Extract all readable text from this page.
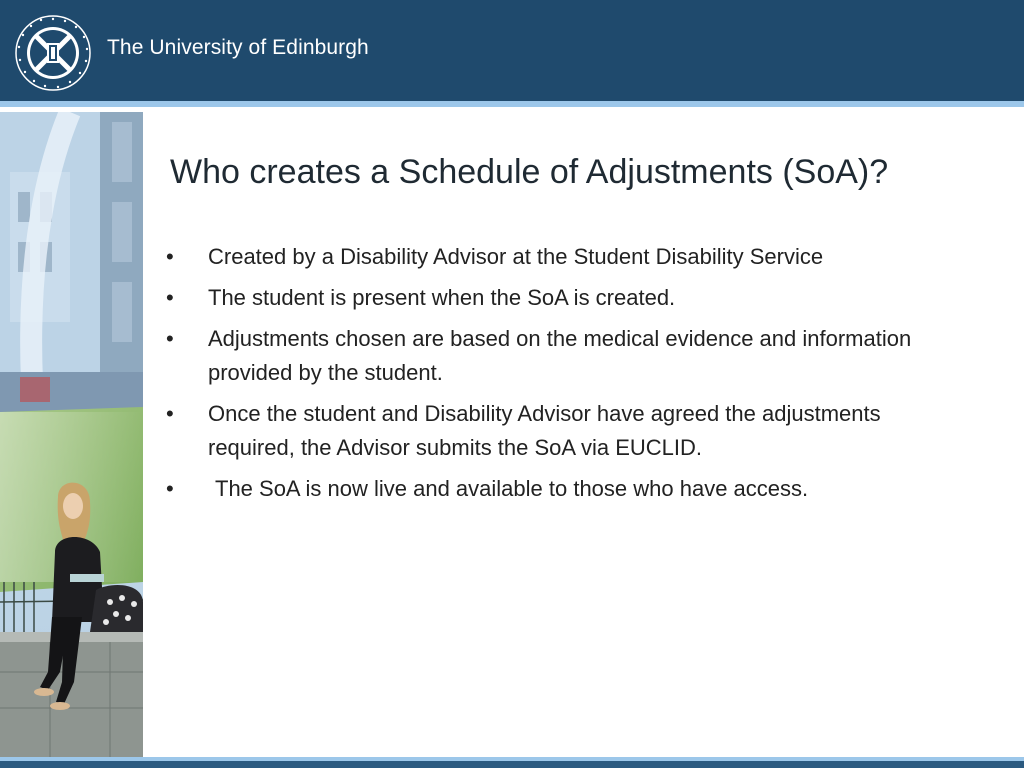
The University of Edinburgh
Who creates a Schedule of Adjustments (SoA)?
• Created by a Disability Advisor at the Student Disability Service
• The student is present when the SoA is created.
• Adjustments chosen are based on the medical evidence and information provided by the student.
• Once the student and Disability Advisor have agreed the adjustments required, the Advisor submits the SoA via EUCLID.
•	The SoA is now live and available to those who have access.
